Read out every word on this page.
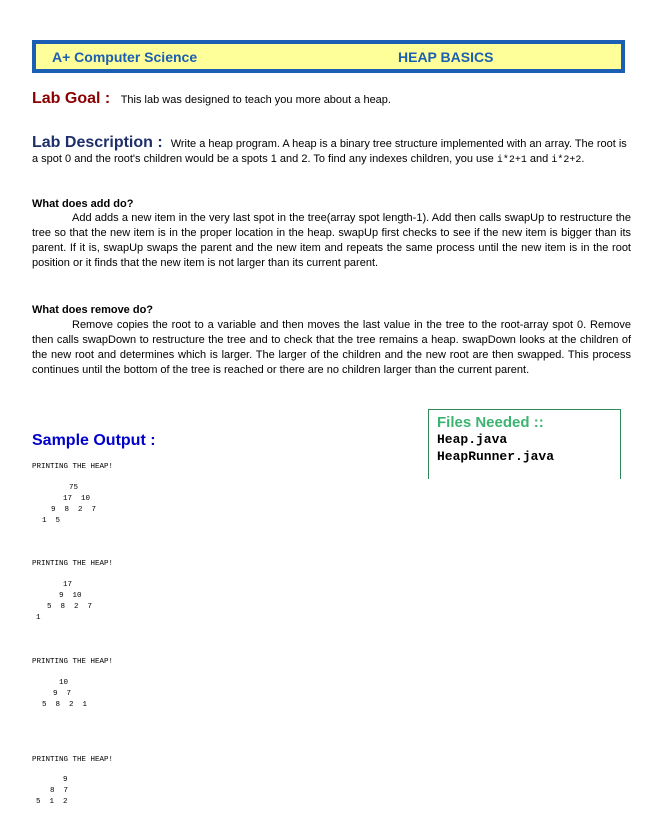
A+ Computer Science	HEAP BASICS
Lab Goal : This lab was designed to teach you more about a heap.
Lab Description : Write a heap program. A heap is a binary tree structure implemented with an array. The root is a spot 0 and the root's children would be a spots 1 and 2. To find any indexes children, you use i*2+1 and i*2+2.
What does add do?
Add adds a new item in the very last spot in the tree(array spot length-1). Add then calls swapUp to restructure the tree so that the new item is in the proper location in the heap. swapUp first checks to see if the new item is bigger than its parent. If it is, swapUp swaps the parent and the new item and repeats the same process until the new item is in the root position or it finds that the new item is not larger than its current parent.
What does remove do?
Remove copies the root to a variable and then moves the last value in the tree to the root-array spot 0. Remove then calls swapDown to restructure the tree and to check that the tree remains a heap. swapDown looks at the children of the new root and determines which is larger. The larger of the children and the new root are then swapped. This process continues until the bottom of the tree is reached or there are no children larger than the current parent.
Files Needed ::
Heap.java
HeapRunner.java
Sample Output :
PRINTING THE HEAP!
75
17  10
9  8  2  7
1  5
PRINTING THE HEAP!
17
9  10
5  8  2  7
1
PRINTING THE HEAP!
10
9  7
5  8  2  1
PRINTING THE HEAP!
9
8  7
5  1  2
